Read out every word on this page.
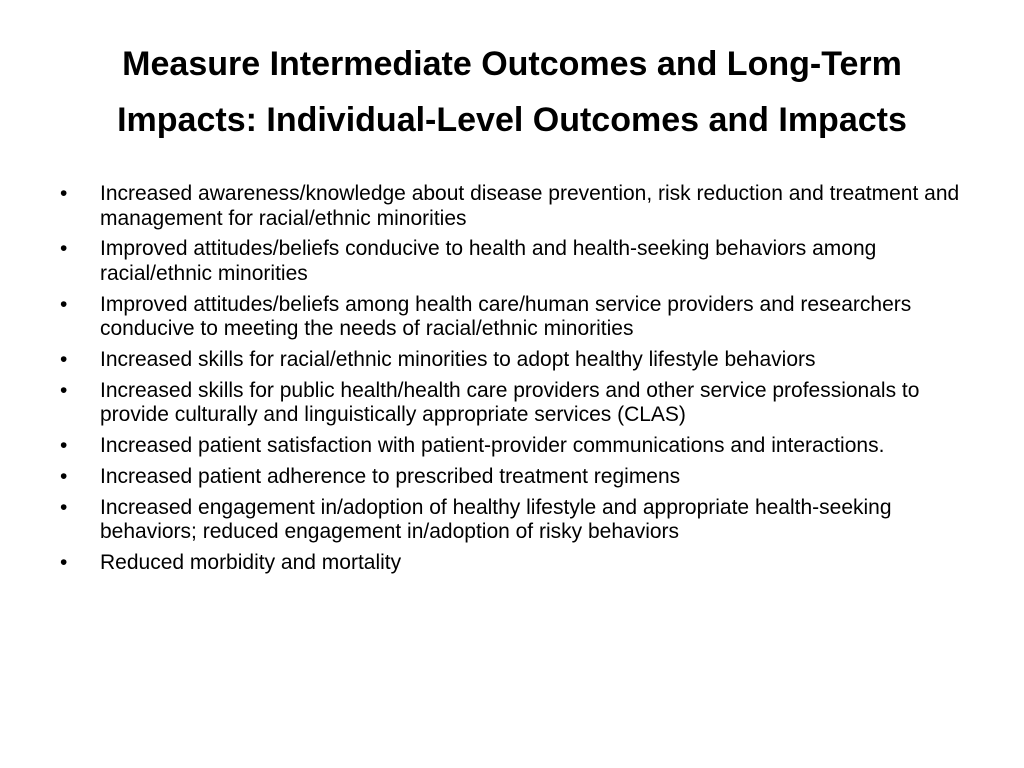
Measure Intermediate Outcomes and Long-Term
Impacts: Individual-Level Outcomes and Impacts
• Increased awareness/knowledge about disease prevention, risk reduction and treatment and management for racial/ethnic minorities
• Improved attitudes/beliefs conducive to health and health-seeking behaviors among racial/ethnic minorities
• Improved attitudes/beliefs among health care/human service providers and researchers conducive to meeting the needs of racial/ethnic minorities
• Increased skills for racial/ethnic minorities to adopt healthy lifestyle behaviors
• Increased skills for public health/health care providers and other service professionals to provide culturally and linguistically appropriate services (CLAS)
• Increased patient satisfaction with patient-provider communications and interactions.
• Increased patient adherence to prescribed treatment regimens
• Increased engagement in/adoption of healthy lifestyle and appropriate health-seeking behaviors; reduced engagement in/adoption of risky behaviors
• Reduced morbidity and mortality
